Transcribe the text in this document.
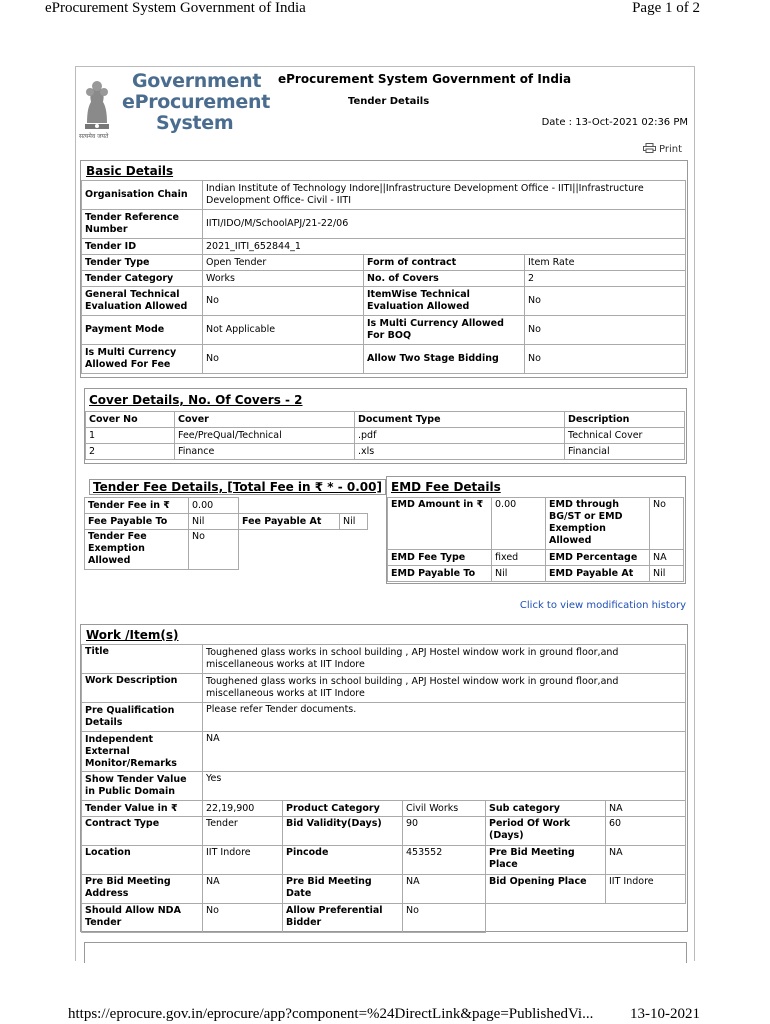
eProcurement System Government of India	Page 1 of 2
Government
eProcurement
System
सत्यमेव जयते
eProcurement System Government of India
Tender Details
Date : 13-Oct-2021 02:36 PM
Print
Basic Details
Organisation Chain	Indian Institute of Technology Indore||Infrastructure Development Office - IITI||Infrastructure Development Office- Civil - IITI		
Tender Reference Number	IITI/IDO/M/SchoolAPJ/21-22/06		
Tender ID	2021_IITI_652844_1		
Tender Type	Open Tender	Form of contract	Item Rate
Tender Category	Works	No. of Covers	2
General Technical Evaluation Allowed	No	ItemWise Technical Evaluation Allowed	No
Payment Mode	Not Applicable	Is Multi Currency Allowed For BOQ	No
Is Multi Currency Allowed For Fee	No	Allow Two Stage Bidding	No
Cover Details, No. Of Covers - 2
Cover No	Cover	Document Type	Description
1	Fee/PreQual/Technical	.pdf	Technical Cover
2	Finance	.xls	Financial
Tender Fee Details, [Total Fee in ₹ * - 0.00]
Tender Fee in ₹	0.00		
Fee Payable To	Nil	Fee Payable At	Nil
Tender Fee Exemption Allowed	No		
EMD Fee Details
EMD Amount in ₹	0.00	EMD through BG/ST or EMD Exemption Allowed	No
EMD Fee Type	fixed	EMD Percentage	NA
EMD Payable To	Nil	EMD Payable At	Nil
Click to view modification history
Work /Item(s)
Title	Toughened glass works in school building , APJ Hostel window work in ground floor,and miscellaneous works at IIT Indore				
Work Description	Toughened glass works in school building , APJ Hostel window work in ground floor,and miscellaneous works at IIT Indore				
Pre Qualification Details	Please refer Tender documents.				
Independent External Monitor/Remarks	NA				
Show Tender Value in Public Domain	Yes				
Tender Value in ₹	22,19,900	Product Category	Civil Works	Sub category	NA
Contract Type	Tender	Bid Validity(Days)	90	Period Of Work (Days)	60
Location	IIT Indore	Pincode	453552	Pre Bid Meeting Place	NA
Pre Bid Meeting Address	NA	Pre Bid Meeting Date	NA	Bid Opening Place	IIT Indore
Should Allow NDA Tender	No	Allow Preferential Bidder	No		
https://eprocure.gov.in/eprocure/app?component=%24DirectLink&page=PublishedVi... 13-10-2021
